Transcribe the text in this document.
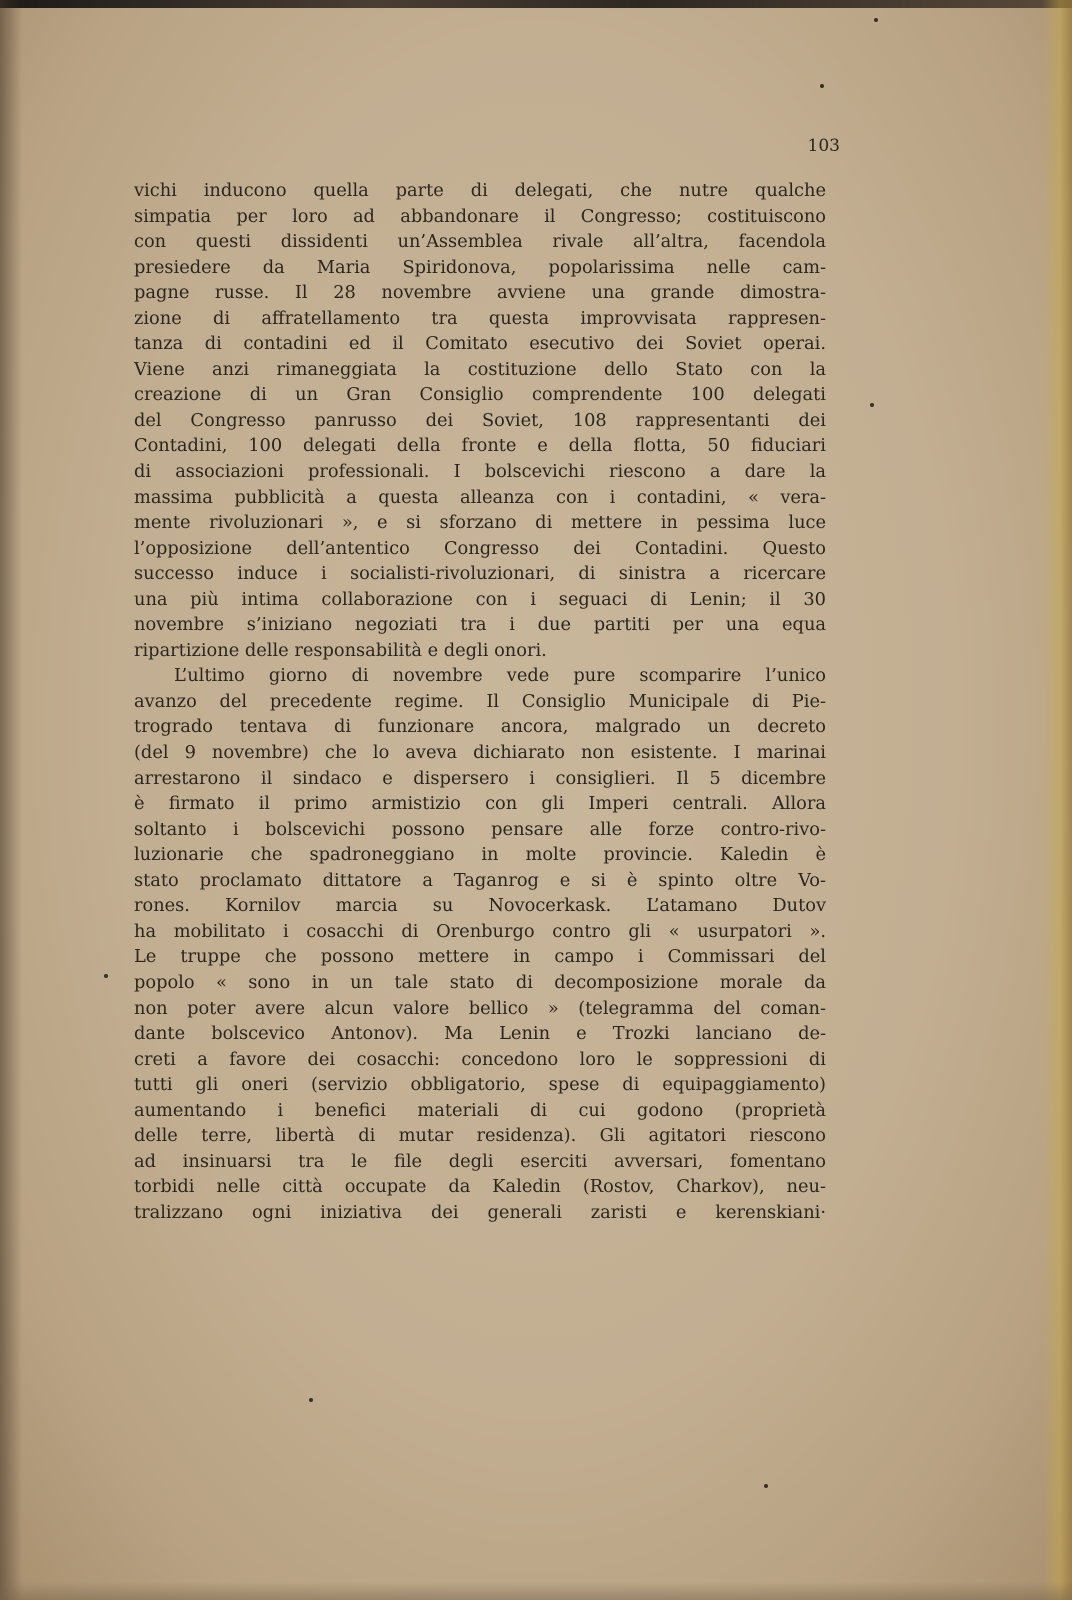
103
vichi inducono quella parte di delegati, che nutre qualche
simpatia per loro ad abbandonare il Congresso; costituiscono
con questi dissidenti un’Assemblea rivale all’altra, facendola
presiedere da Maria Spiridonova, popolarissima nelle cam-
pagne russe. Il 28 novembre avviene una grande dimostra-
zione di affratellamento tra questa improvvisata rappresen-
tanza di contadini ed il Comitato esecutivo dei Soviet operai.
Viene anzi rimaneggiata la costituzione dello Stato con la
creazione di un Gran Consiglio comprendente 100 delegati
del Congresso panrusso dei Soviet, 108 rappresentanti dei
Contadini, 100 delegati della fronte e della flotta, 50 fiduciari
di associazioni professionali. I bolscevichi riescono a dare la
massima pubblicità a questa alleanza con i contadini, « vera-
mente rivoluzionari », e si sforzano di mettere in pessima luce
l’opposizione dell’antentico Congresso dei Contadini. Questo
successo induce i socialisti-rivoluzionari, di sinistra a ricercare
una più intima collaborazione con i seguaci di Lenin; il 30
novembre s’iniziano negoziati tra i due partiti per una equa
ripartizione delle responsabilità e degli onori.
L’ultimo giorno di novembre vede pure scomparire l’unico
avanzo del precedente regime. Il Consiglio Municipale di Pie-
trogrado tentava di funzionare ancora, malgrado un decreto
(del 9 novembre) che lo aveva dichiarato non esistente. I marinai
arrestarono il sindaco e dispersero i consiglieri. Il 5 dicembre
è firmato il primo armistizio con gli Imperi centrali. Allora
soltanto i bolscevichi possono pensare alle forze contro-rivo-
luzionarie che spadroneggiano in molte provincie. Kaledin è
stato proclamato dittatore a Taganrog e si è spinto oltre Vo-
rones. Kornilov marcia su Novocerkask. L’atamano Dutov
ha mobilitato i cosacchi di Orenburgo contro gli « usurpatori ».
Le truppe che possono mettere in campo i Commissari del
popolo « sono in un tale stato di decomposizione morale da
non poter avere alcun valore bellico » (telegramma del coman-
dante bolscevico Antonov). Ma Lenin e Trozki lanciano de-
creti a favore dei cosacchi: concedono loro le soppressioni di
tutti gli oneri (servizio obbligatorio, spese di equipaggiamento)
aumentando i benefici materiali di cui godono (proprietà
delle terre, libertà di mutar residenza). Gli agitatori riescono
ad insinuarsi tra le file degli eserciti avversari, fomentano
torbidi nelle città occupate da Kaledin (Rostov, Charkov), neu-
tralizzano ogni iniziativa dei generali zaristi e kerenskiani·
